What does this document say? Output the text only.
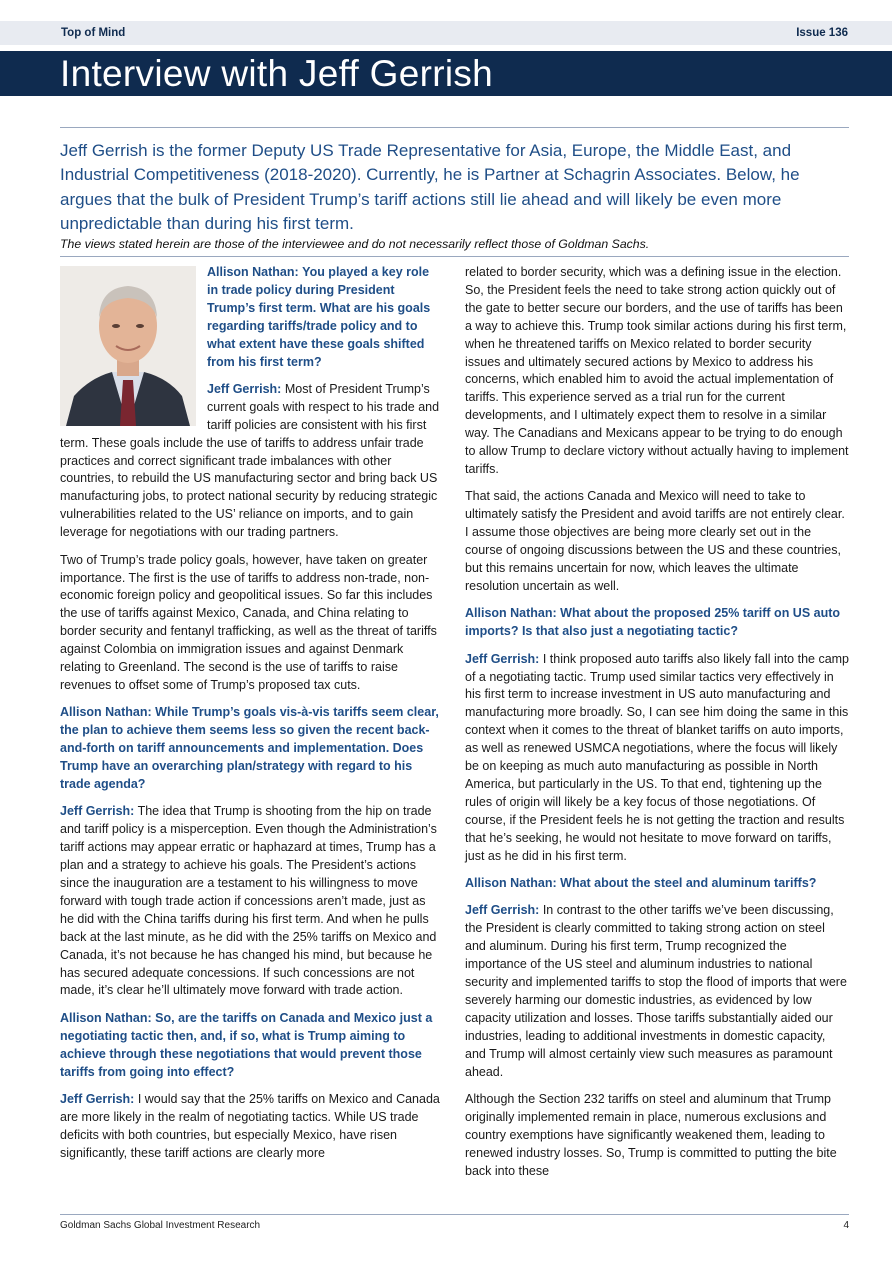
Top of Mind	Issue 136
Interview with Jeff Gerrish
Jeff Gerrish is the former Deputy US Trade Representative for Asia, Europe, the Middle East, and Industrial Competitiveness (2018-2020). Currently, he is Partner at Schagrin Associates. Below, he argues that the bulk of President Trump’s tariff actions still lie ahead and will likely be even more unpredictable than during his first term.
The views stated herein are those of the interviewee and do not necessarily reflect those of Goldman Sachs.

Allison Nathan: You played a key role in trade policy during President Trump’s first term. What are his goals regarding tariffs/trade policy and to what extent have these goals shifted from his first term?

Jeff Gerrish: Most of President Trump’s current goals with respect to his trade and tariff policies are consistent with his first term. These goals include the use of tariffs to address unfair trade practices and correct significant trade imbalances with other countries, to rebuild the US manufacturing sector and bring back US manufacturing jobs, to protect national security by reducing strategic vulnerabilities related to the US’ reliance on imports, and to gain leverage for negotiations with our trading partners.

Two of Trump’s trade policy goals, however, have taken on greater importance. The first is the use of tariffs to address non-trade, non-economic foreign policy and geopolitical issues. So far this includes the use of tariffs against Mexico, Canada, and China relating to border security and fentanyl trafficking, as well as the threat of tariffs against Colombia on immigration issues and against Denmark relating to Greenland. The second is the use of tariffs to raise revenues to offset some of Trump’s proposed tax cuts.

Allison Nathan: While Trump’s goals vis-à-vis tariffs seem clear, the plan to achieve them seems less so given the recent back-and-forth on tariff announcements and implementation. Does Trump have an overarching plan/strategy with regard to his trade agenda?

Jeff Gerrish: The idea that Trump is shooting from the hip on trade and tariff policy is a misperception. Even though the Administration’s tariff actions may appear erratic or haphazard at times, Trump has a plan and a strategy to achieve his goals. The President’s actions since the inauguration are a testament to his willingness to move forward with tough trade action if concessions aren’t made, just as he did with the China tariffs during his first term. And when he pulls back at the last minute, as he did with the 25% tariffs on Mexico and Canada, it’s not because he has changed his mind, but because he has secured adequate concessions. If such concessions are not made, it’s clear he’ll ultimately move forward with trade action.

Allison Nathan: So, are the tariffs on Canada and Mexico just a negotiating tactic then, and, if so, what is Trump aiming to achieve through these negotiations that would prevent those tariffs from going into effect?

Jeff Gerrish: I would say that the 25% tariffs on Mexico and Canada are more likely in the realm of negotiating tactics. While US trade deficits with both countries, but especially Mexico, have risen significantly, these tariff actions are clearly more

related to border security, which was a defining issue in the election. So, the President feels the need to take strong action quickly out of the gate to better secure our borders, and the use of tariffs has been a way to achieve this. Trump took similar actions during his first term, when he threatened tariffs on Mexico related to border security issues and ultimately secured actions by Mexico to address his concerns, which enabled him to avoid the actual implementation of tariffs. This experience served as a trial run for the current developments, and I ultimately expect them to resolve in a similar way. The Canadians and Mexicans appear to be trying to do enough to allow Trump to declare victory without actually having to implement tariffs.

That said, the actions Canada and Mexico will need to take to ultimately satisfy the President and avoid tariffs are not entirely clear. I assume those objectives are being more clearly set out in the course of ongoing discussions between the US and these countries, but this remains uncertain for now, which leaves the ultimate resolution uncertain as well.

Allison Nathan: What about the proposed 25% tariff on US auto imports? Is that also just a negotiating tactic?

Jeff Gerrish: I think proposed auto tariffs also likely fall into the camp of a negotiating tactic. Trump used similar tactics very effectively in his first term to increase investment in US auto manufacturing and manufacturing more broadly. So, I can see him doing the same in this context when it comes to the threat of blanket tariffs on auto imports, as well as renewed USMCA negotiations, where the focus will likely be on keeping as much auto manufacturing as possible in North America, but particularly in the US. To that end, tightening up the rules of origin will likely be a key focus of those negotiations. Of course, if the President feels he is not getting the traction and results that he’s seeking, he would not hesitate to move forward on tariffs, just as he did in his first term.

Allison Nathan: What about the steel and aluminum tariffs?

Jeff Gerrish: In contrast to the other tariffs we’ve been discussing, the President is clearly committed to taking strong action on steel and aluminum. During his first term, Trump recognized the importance of the US steel and aluminum industries to national security and implemented tariffs to stop the flood of imports that were severely harming our domestic industries, as evidenced by low capacity utilization and losses. Those tariffs substantially aided our industries, leading to additional investments in domestic capacity, and Trump will almost certainly view such measures as paramount ahead.

Although the Section 232 tariffs on steel and aluminum that Trump originally implemented remain in place, numerous exclusions and country exemptions have significantly weakened them, leading to renewed industry losses. So, Trump is committed to putting the bite back into these

Goldman Sachs Global Investment Research	4
